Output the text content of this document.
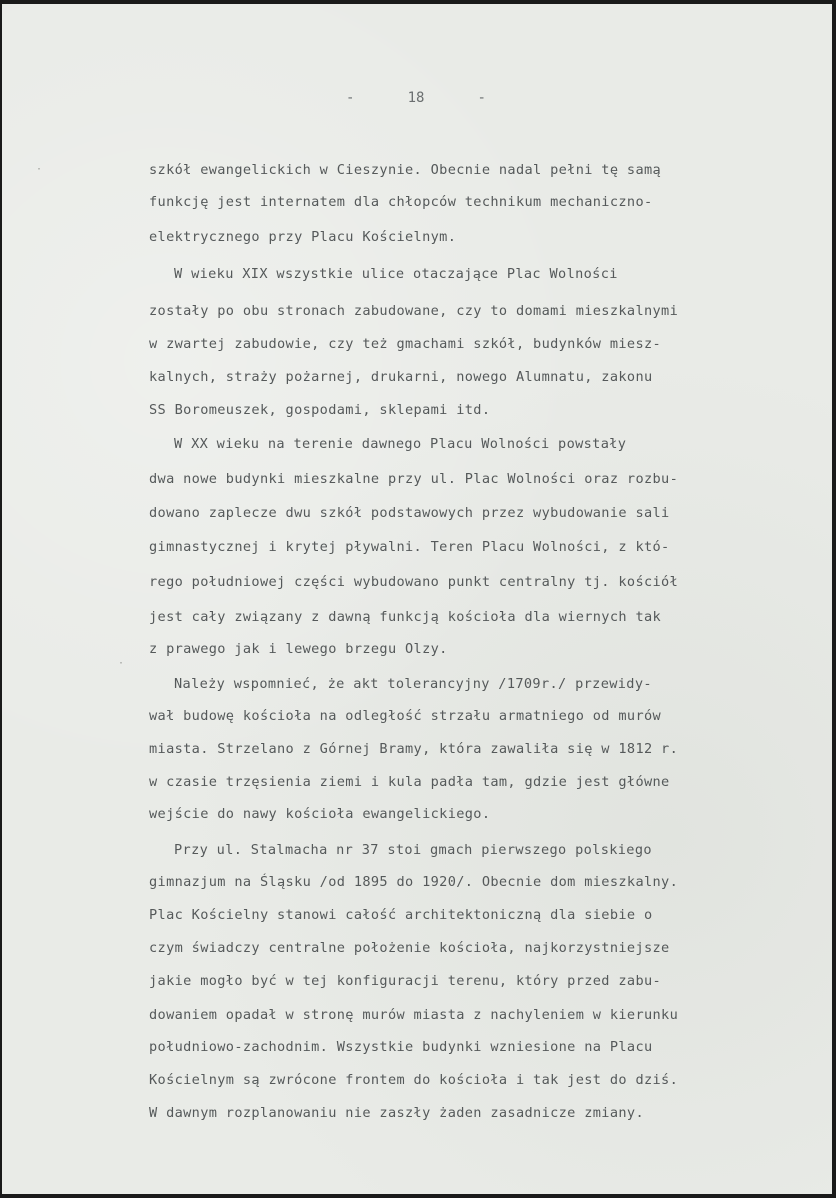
-	18	-
·
·
szkół ewangelickich w Cieszynie. Obecnie nadal pełni tę samą
funkcję jest internatem dla chłopców technikum mechaniczno-
elektrycznego przy Placu Kościelnym.
W wieku XIX wszystkie ulice otaczające Plac Wolności
zostały po obu stronach zabudowane, czy to domami mieszkalnymi
w zwartej zabudowie, czy też gmachami szkół, budynków miesz-
kalnych, straży pożarnej, drukarni, nowego Alumnatu, zakonu
SS Boromeuszek, gospodami, sklepami itd.
W XX wieku na terenie dawnego Placu Wolności powstały
dwa nowe budynki mieszkalne przy ul. Plac Wolności oraz rozbu-
dowano zaplecze dwu szkół podstawowych przez wybudowanie sali
gimnastycznej i krytej pływalni. Teren Placu Wolności, z któ-
rego południowej części wybudowano punkt centralny tj. kościół
jest cały związany z dawną funkcją kościoła dla wiernych tak
z prawego jak i lewego brzegu Olzy.
Należy wspomnieć, że akt tolerancyjny /1709r./ przewidy-
wał budowę kościoła na odległość strzału armatniego od murów
miasta. Strzelano z Górnej Bramy, która zawaliła się w 1812 r.
w czasie trzęsienia ziemi i kula padła tam, gdzie jest główne
wejście do nawy kościoła ewangelickiego.
Przy ul. Stalmacha nr 37 stoi gmach pierwszego polskiego
gimnazjum na Śląsku /od 1895 do 1920/. Obecnie dom mieszkalny.
Plac Kościelny stanowi całość architektoniczną dla siebie o
czym świadczy centralne położenie kościoła, najkorzystniejsze
jakie mogło być w tej konfiguracji terenu, który przed zabu-
dowaniem opadał w stronę murów miasta z nachyleniem w kierunku
południowo-zachodnim. Wszystkie budynki wzniesione na Placu
Kościelnym są zwrócone frontem do kościoła i tak jest do dziś.
W dawnym rozplanowaniu nie zaszły żaden zasadnicze zmiany.
